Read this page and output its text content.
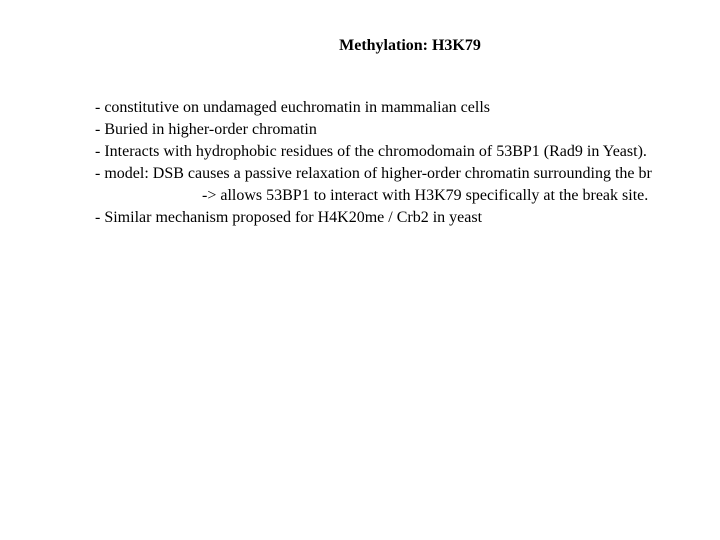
Methylation: H3K79
- constitutive on undamaged euchromatin in mammalian cells
- Buried in higher-order chromatin
- Interacts with hydrophobic residues of the chromodomain of 53BP1 (Rad9 in Yeast).
- model: DSB causes a passive relaxation of higher-order chromatin surrounding the br
-> allows 53BP1 to interact with H3K79 specifically at the break site.
- Similar mechanism proposed for H4K20me / Crb2 in yeast
